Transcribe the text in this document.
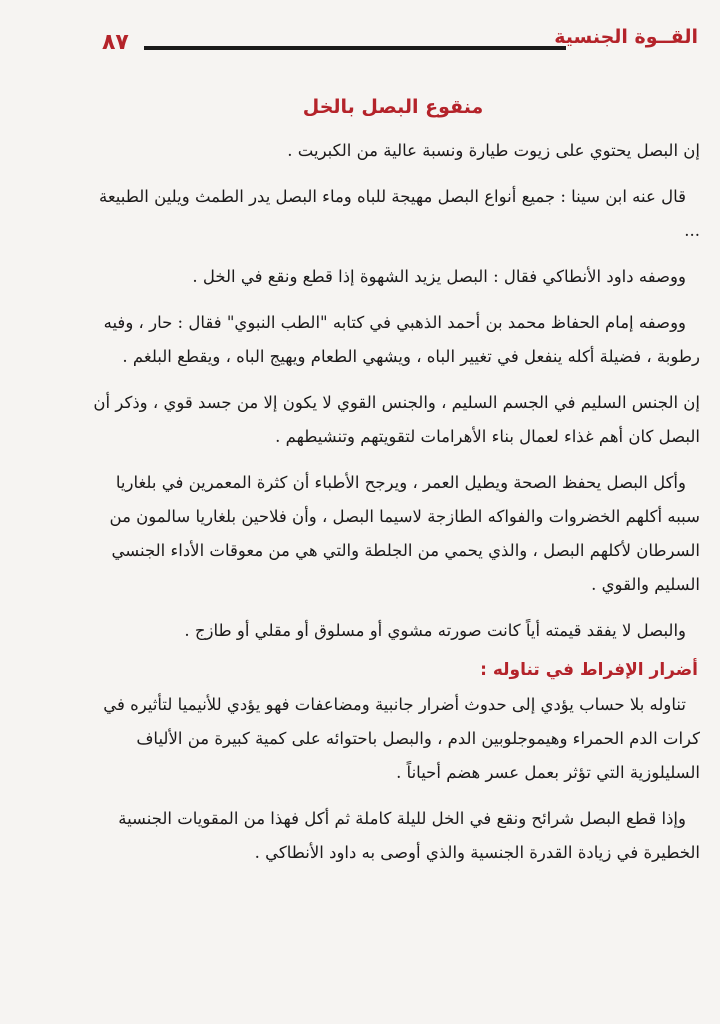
٨٧	القــوة الجنسية
منقوع البصل بالخل

إن البصل يحتوي على زيوت طيارة ونسبة عالية من الكبريت .

قال عنه ابن سينا : جميع أنواع البصل مهيجة للباه وماء البصل يدر الطمث ويلين الطبيعة ...

ووصفه داود الأنطاكي فقال : البصل يزيد الشهوة إذا قطع ونقع في الخل .

ووصفه إمام الحفاظ محمد بن أحمد الذهبي في كتابه "الطب النبوي" فقال : حار ، وفيه رطوبة ، فضيلة أكله ينفعل في تغيير الباه ، ويشهي الطعام ويهيج الباه ، ويقطع البلغم .

إن الجنس السليم في الجسم السليم ، والجنس القوي لا يكون إلا من جسد قوي ، وذكر أن البصل كان أهم غذاء لعمال بناء الأهرامات لتقويتهم وتنشيطهم .

وأكل البصل يحفظ الصحة ويطيل العمر ، ويرجح الأطباء أن كثرة المعمرين في بلغاريا سببه أكلهم الخضروات والفواكه الطازجة لاسيما البصل ، وأن فلاحين بلغاريا سالمون من السرطان لأكلهم البصل ، والذي يحمي من الجلطة والتي هي من معوقات الأداء الجنسي السليم والقوي .

والبصل لا يفقد قيمته أياً كانت صورته مشوي أو مسلوق أو مقلي أو طازج .

أضرار الإفراط في تناوله :

تناوله بلا حساب يؤدي إلى حدوث أضرار جانبية ومضاعفات فهو يؤدي للأنيميا لتأثيره في كرات الدم الحمراء وهيموجلوبين الدم ، والبصل باحتوائه على كمية كبيرة من الألياف السليلوزية التي تؤثر بعمل عسر هضم أحياناً .

وإذا قطع البصل شرائح ونقع في الخل لليلة كاملة ثم أكل فهذا من المقويات الجنسية الخطيرة في زيادة القدرة الجنسية والذي أوصى به داود الأنطاكي .
